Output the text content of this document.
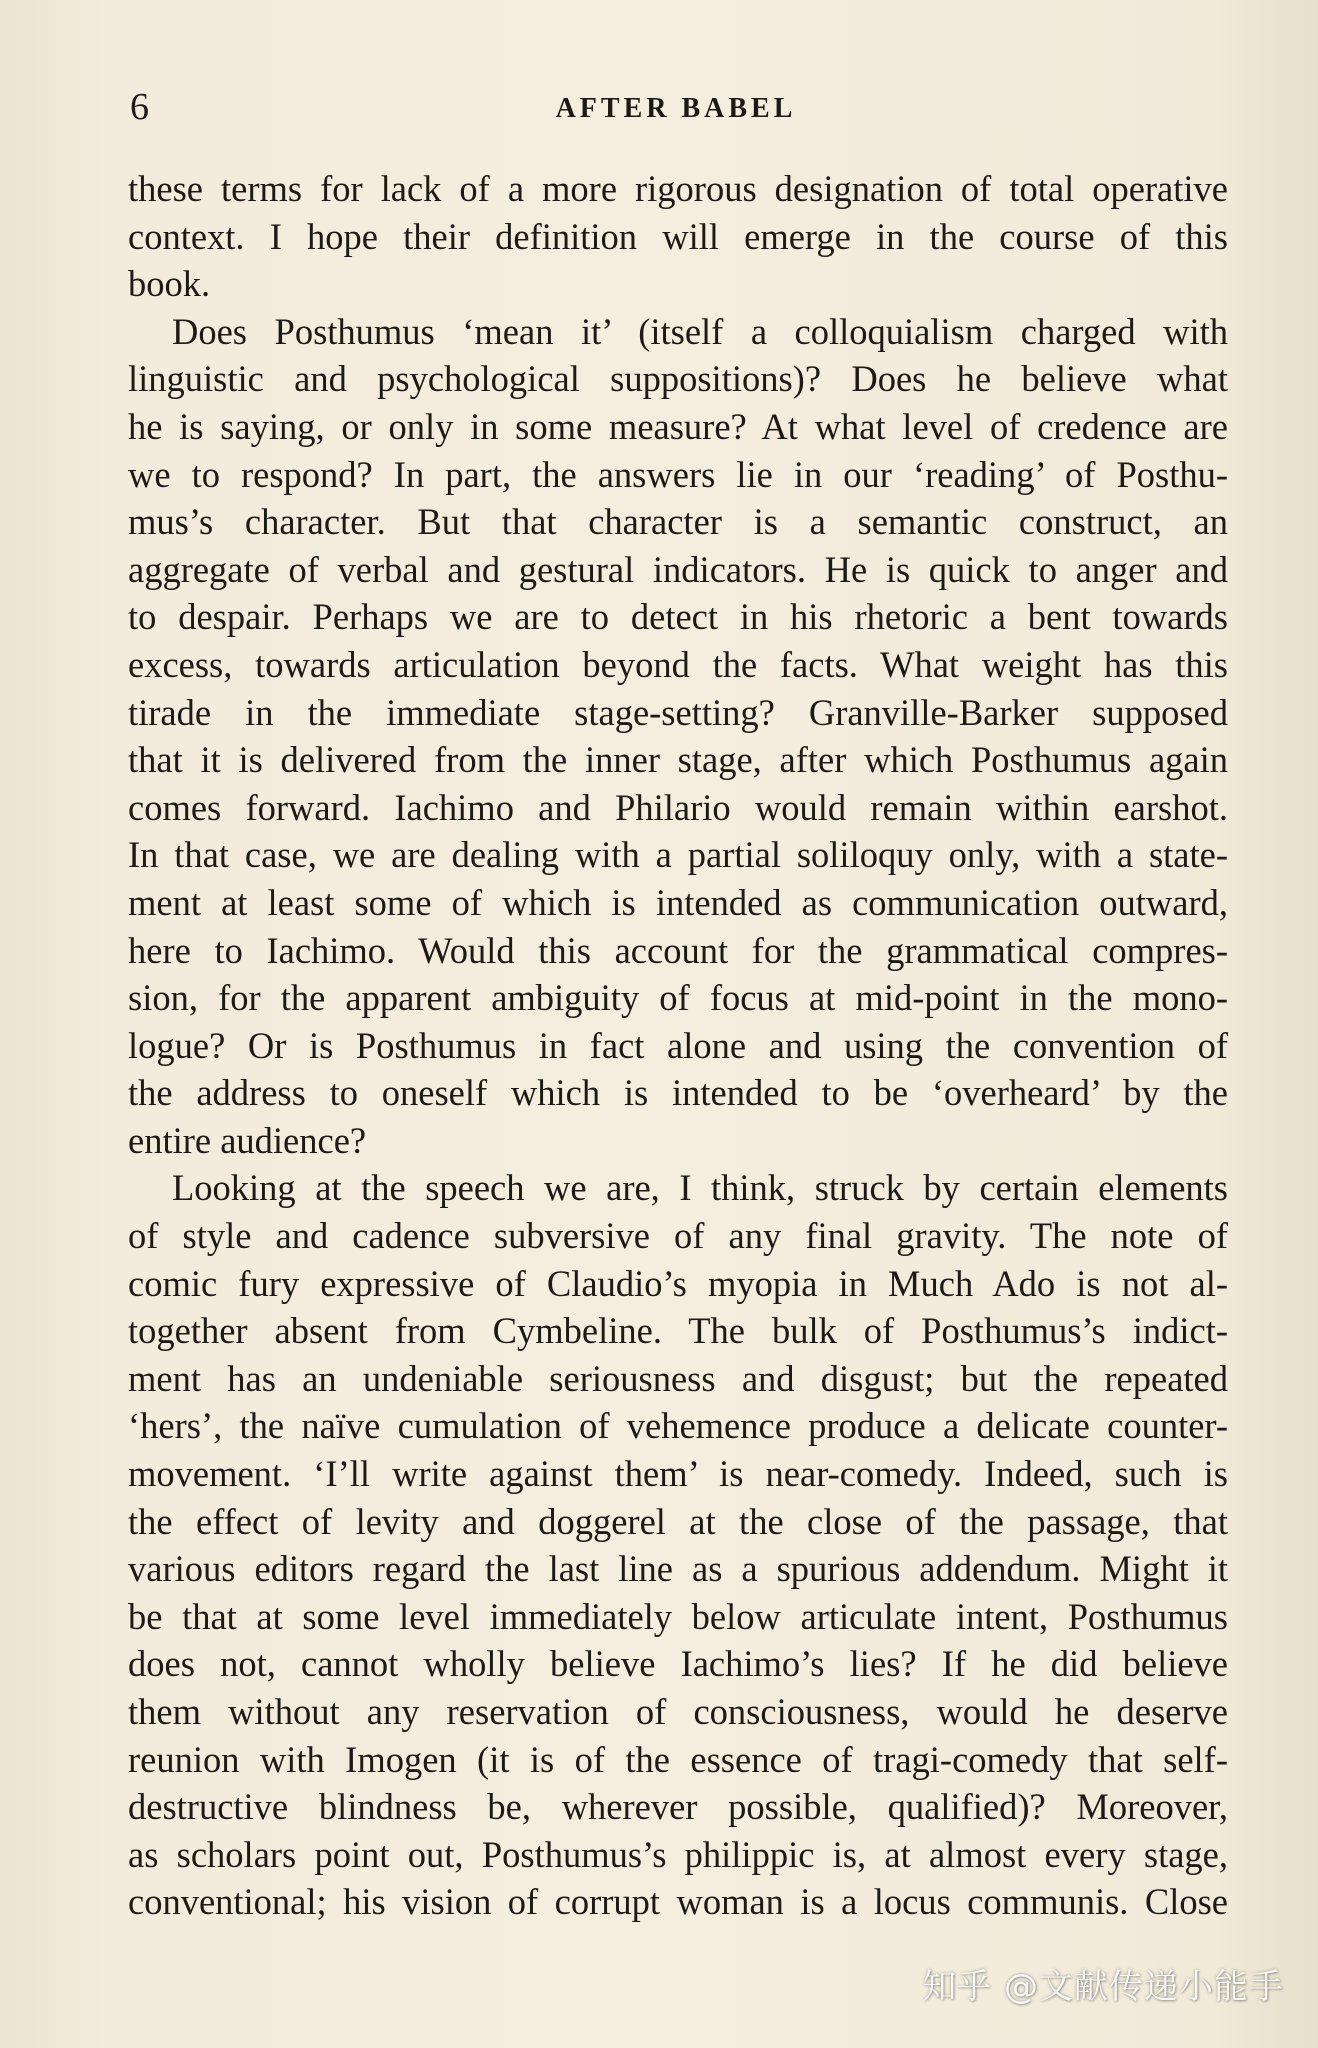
6	AFTER BABEL
these terms for lack of a more rigorous designation of total operative
context. I hope their definition will emerge in the course of this
book.
Does Posthumus ‘mean it’ (itself a colloquialism charged with
linguistic and psychological suppositions)? Does he believe what
he is saying, or only in some measure? At what level of credence are
we to respond? In part, the answers lie in our ‘reading’ of Posthu-
mus’s character. But that character is a semantic construct, an
aggregate of verbal and gestural indicators. He is quick to anger and
to despair. Perhaps we are to detect in his rhetoric a bent towards
excess, towards articulation beyond the facts. What weight has this
tirade in the immediate stage-setting? Granville-Barker supposed
that it is delivered from the inner stage, after which Posthumus again
comes forward. Iachimo and Philario would remain within earshot.
In that case, we are dealing with a partial soliloquy only, with a state-
ment at least some of which is intended as communication outward,
here to Iachimo. Would this account for the grammatical compres-
sion, for the apparent ambiguity of focus at mid-point in the mono-
logue? Or is Posthumus in fact alone and using the convention of
the address to oneself which is intended to be ‘overheard’ by the
entire audience?
Looking at the speech we are, I think, struck by certain elements
of style and cadence subversive of any final gravity. The note of
comic fury expressive of Claudio’s myopia in Much Ado is not al-
together absent from Cymbeline. The bulk of Posthumus’s indict-
ment has an undeniable seriousness and disgust; but the repeated
‘hers’, the naïve cumulation of vehemence produce a delicate counter-
movement. ‘I’ll write against them’ is near-comedy. Indeed, such is
the effect of levity and doggerel at the close of the passage, that
various editors regard the last line as a spurious addendum. Might it
be that at some level immediately below articulate intent, Posthumus
does not, cannot wholly believe Iachimo’s lies? If he did believe
them without any reservation of consciousness, would he deserve
reunion with Imogen (it is of the essence of tragi-comedy that self-
destructive blindness be, wherever possible, qualified)? Moreover,
as scholars point out, Posthumus’s philippic is, at almost every stage,
conventional; his vision of corrupt woman is a locus communis. Close
知乎 @文献传递小能手
